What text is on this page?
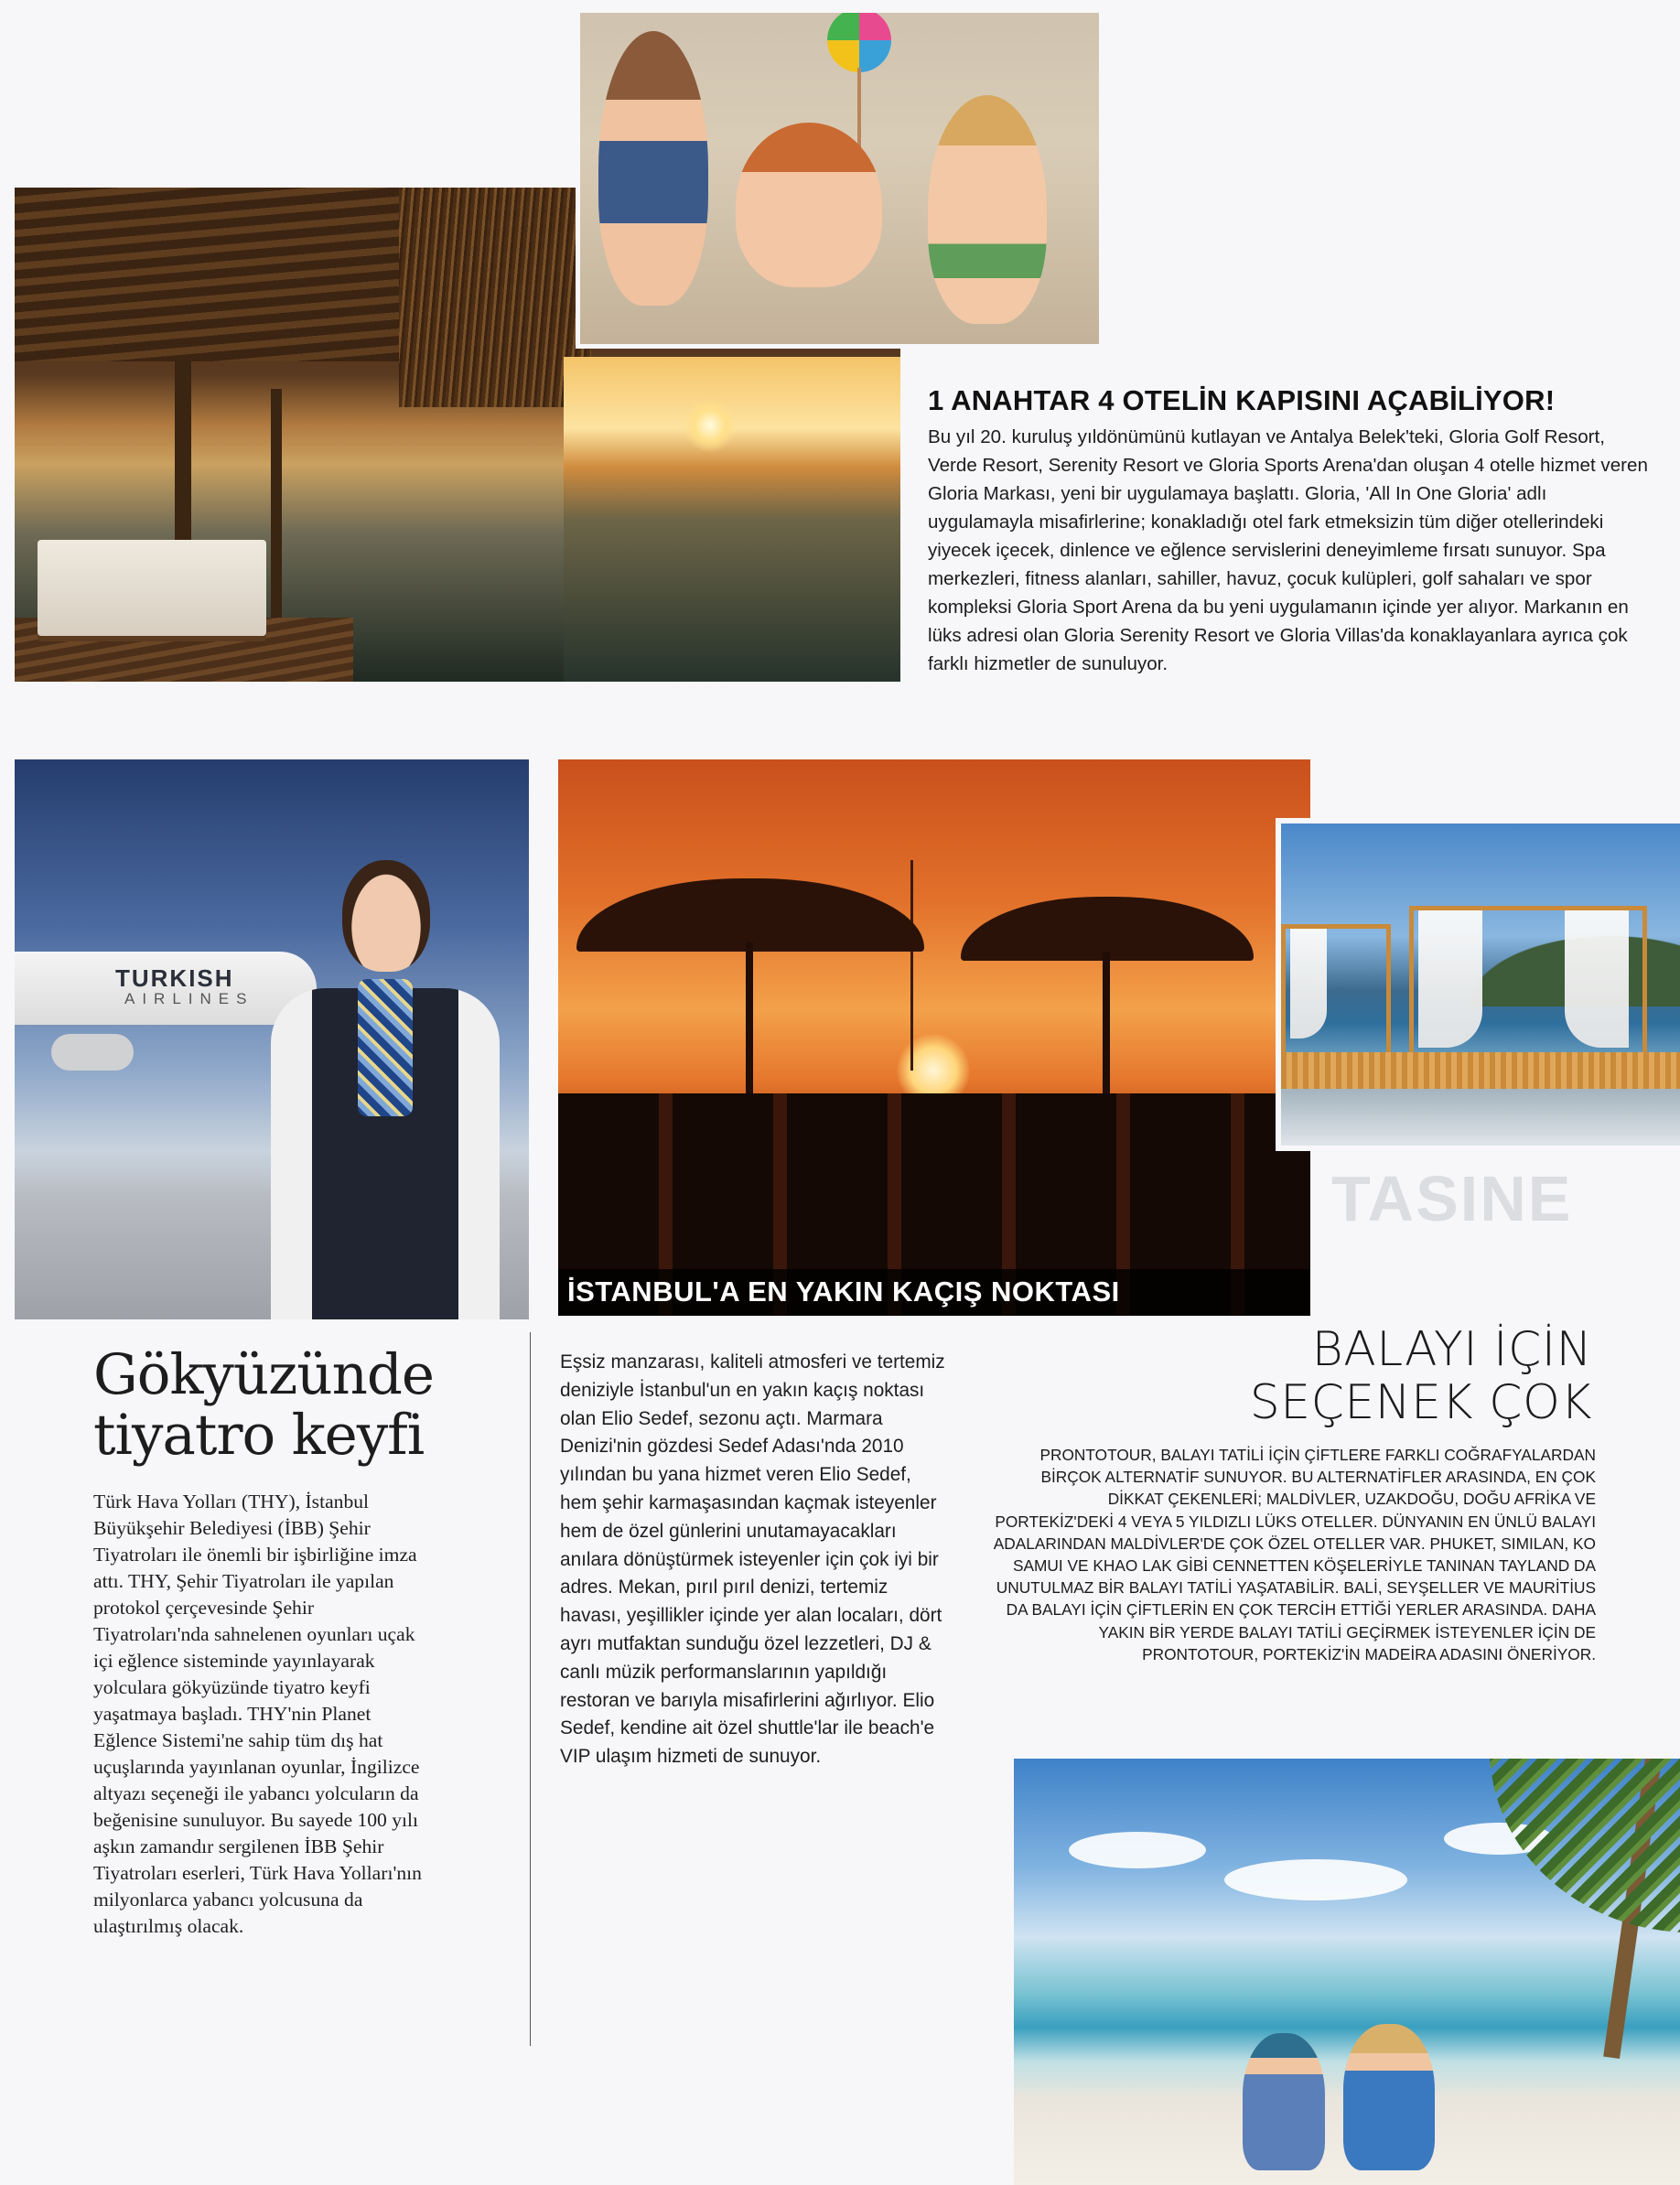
1 ANAHTAR 4 OTELİN KAPISINI AÇABİLİYOR!
Bu yıl 20. kuruluş yıldönümünü kutlayan ve Antalya Belek'teki, Gloria Golf Resort, Verde Resort, Serenity Resort ve Gloria Sports Arena'dan oluşan 4 otelle hizmet veren Gloria Markası, yeni bir uygulamaya başlattı. Gloria, 'All In One Gloria' adlı uygulamayla misafirlerine; konakladığı otel fark etmeksizin tüm diğer otellerindeki yiyecek içecek, dinlence ve eğlence servislerini deneyimleme fırsatı sunuyor. Spa merkezleri, fitness alanları, sahiller, havuz, çocuk kulüpleri, golf sahaları ve spor kompleksi Gloria Sport Arena da bu yeni uygulamanın içinde yer alıyor. Markanın en lüks adresi olan Gloria Serenity Resort ve Gloria Villas'da konaklayanlara ayrıca çok farklı hizmetler de sunuluyor.
TURKISH
AIRLINES
İSTANBUL'A EN YAKIN KAÇIŞ NOKTASI
TASINE
Gökyüzünde tiyatro keyfi
Türk Hava Yolları (THY), İstanbul Büyükşehir Belediyesi (İBB) Şehir Tiyatroları ile önemli bir işbirliğine imza attı. THY, Şehir Tiyatroları ile yapılan protokol çerçevesinde Şehir Tiyatroları'nda sahnelenen oyunları uçak içi eğlence sisteminde yayınlayarak yolculara gökyüzünde tiyatro keyfi yaşatmaya başladı. THY'nin Planet Eğlence Sistemi'ne sahip tüm dış hat uçuşlarında yayınlanan oyunlar, İngilizce altyazı seçeneği ile yabancı yolcuların da beğenisine sunuluyor. Bu sayede 100 yılı aşkın zamandır sergilenen İBB Şehir Tiyatroları eserleri, Türk Hava Yolları'nın milyonlarca yabancı yolcusuna da ulaştırılmış olacak.
Eşsiz manzarası, kaliteli atmosferi ve tertemiz deniziyle İstanbul'un en yakın kaçış noktası olan Elio Sedef, sezonu açtı. Marmara Denizi'nin gözdesi Sedef Adası'nda 2010 yılından bu yana hizmet veren Elio Sedef, hem şehir karmaşasından kaçmak isteyenler hem de özel günlerini unutamayacakları anılara dönüştürmek isteyenler için çok iyi bir adres. Mekan, pırıl pırıl denizi, tertemiz havası, yeşillikler içinde yer alan locaları, dört ayrı mutfaktan sunduğu özel lezzetleri, DJ & canlı müzik performanslarının yapıldığı restoran ve barıyla misafirlerini ağırlıyor. Elio Sedef, kendine ait özel shuttle'lar ile beach'e VIP ulaşım hizmeti de sunuyor.
BALAYI İÇİN
SEÇENEK ÇOK
PRONTOTOUR, BALAYI TATİLİ İÇİN ÇİFTLERE FARKLI COĞRAFYALARDAN BİRÇOK ALTERNATİF SUNUYOR. BU ALTERNATİFLER ARASINDA, EN ÇOK DİKKAT ÇEKENLERİ; MALDİVLER, UZAKDOĞU, DOĞU AFRİKA VE PORTEKİZ'DEKİ 4 VEYA 5 YILDIZLI LÜKS OTELLER. DÜNYANIN EN ÜNLÜ BALAYI ADALARINDAN MALDİVLER'DE ÇOK ÖZEL OTELLER VAR. PHUKET, SIMILAN, KO SAMUI VE KHAO LAK GİBİ CENNETTEN KÖŞELERİYLE TANINAN TAYLAND DA UNUTULMAZ BİR BALAYI TATİLİ YAŞATABİLİR. BALİ, SEYŞELLER VE MAURİTİUS DA BALAYI İÇİN ÇİFTLERİN EN ÇOK TERCİH ETTİĞİ YERLER ARASINDA. DAHA YAKIN BİR YERDE BALAYI TATİLİ GEÇİRMEK İSTEYENLER İÇİN DE PRONTOTOUR, PORTEKİZ'İN MADEİRA ADASINI ÖNERİYOR.
